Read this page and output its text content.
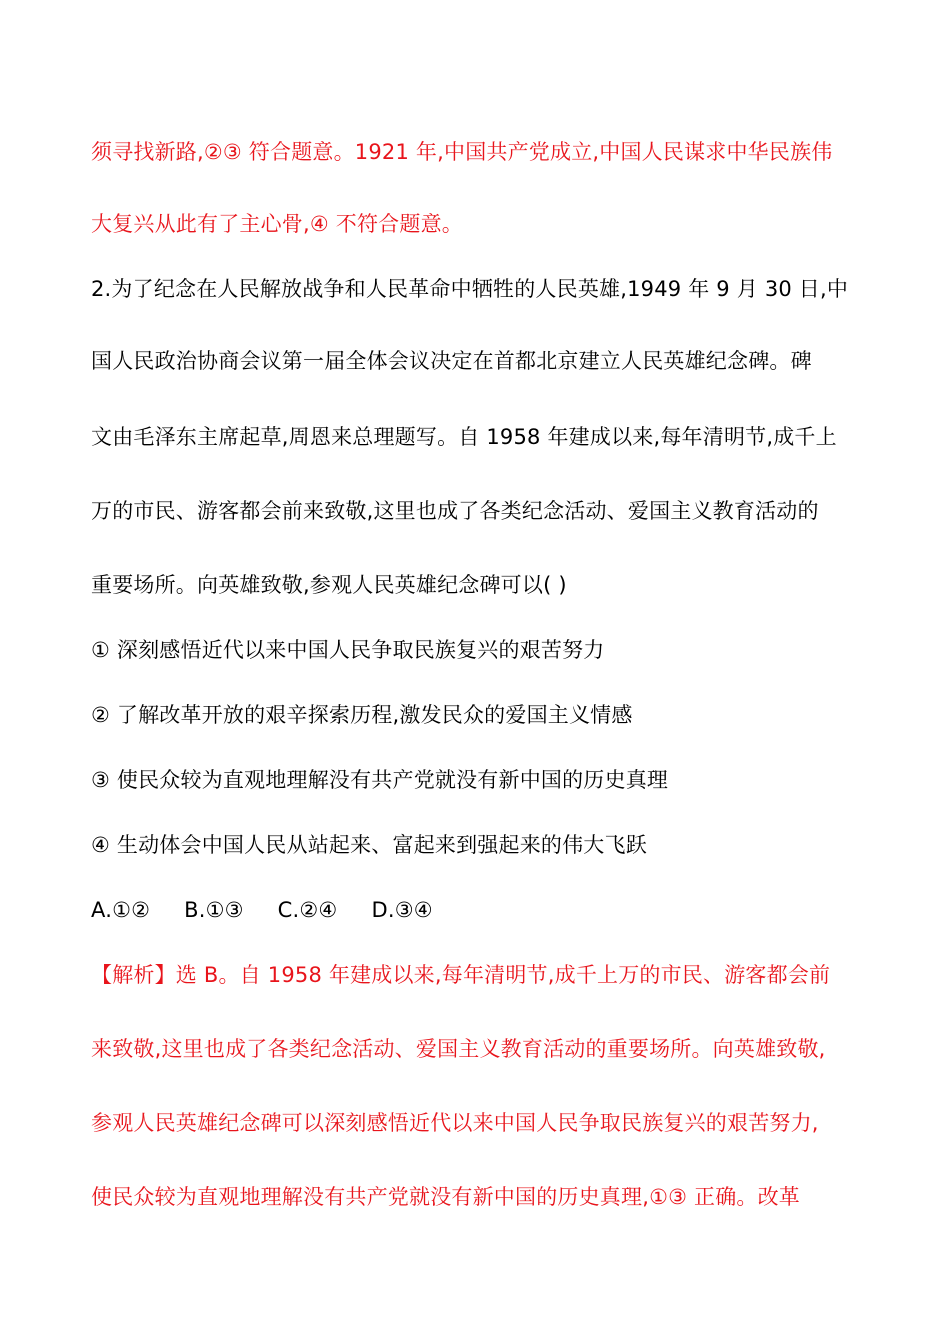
须寻找新路,②③ 符合题意。1921 年,中国共产党成立,中国人民谋求中华民族伟
大复兴从此有了主心骨,④ 不符合题意。
2.为了纪念在人民解放战争和人民革命中牺牲的人民英雄,1949 年 9 月 30 日,中
国人民政治协商会议第一届全体会议决定在首都北京建立人民英雄纪念碑。碑
文由毛泽东主席起草,周恩来总理题写。自 1958 年建成以来,每年清明节,成千上
万的市民、游客都会前来致敬,这里也成了各类纪念活动、爱国主义教育活动的
重要场所。向英雄致敬,参观人民英雄纪念碑可以( )
① 深刻感悟近代以来中国人民争取民族复兴的艰苦努力
② 了解改革开放的艰辛探索历程,激发民众的爱国主义情感
③ 使民众较为直观地理解没有共产党就没有新中国的历史真理
④ 生动体会中国人民从站起来、富起来到强起来的伟大飞跃
A.①② B.①③ C.②④ D.③④
【解析】选 B。自 1958 年建成以来,每年清明节,成千上万的市民、游客都会前
来致敬,这里也成了各类纪念活动、爱国主义教育活动的重要场所。向英雄致敬,
参观人民英雄纪念碑可以深刻感悟近代以来中国人民争取民族复兴的艰苦努力,
使民众较为直观地理解没有共产党就没有新中国的历史真理,①③ 正确。改革
